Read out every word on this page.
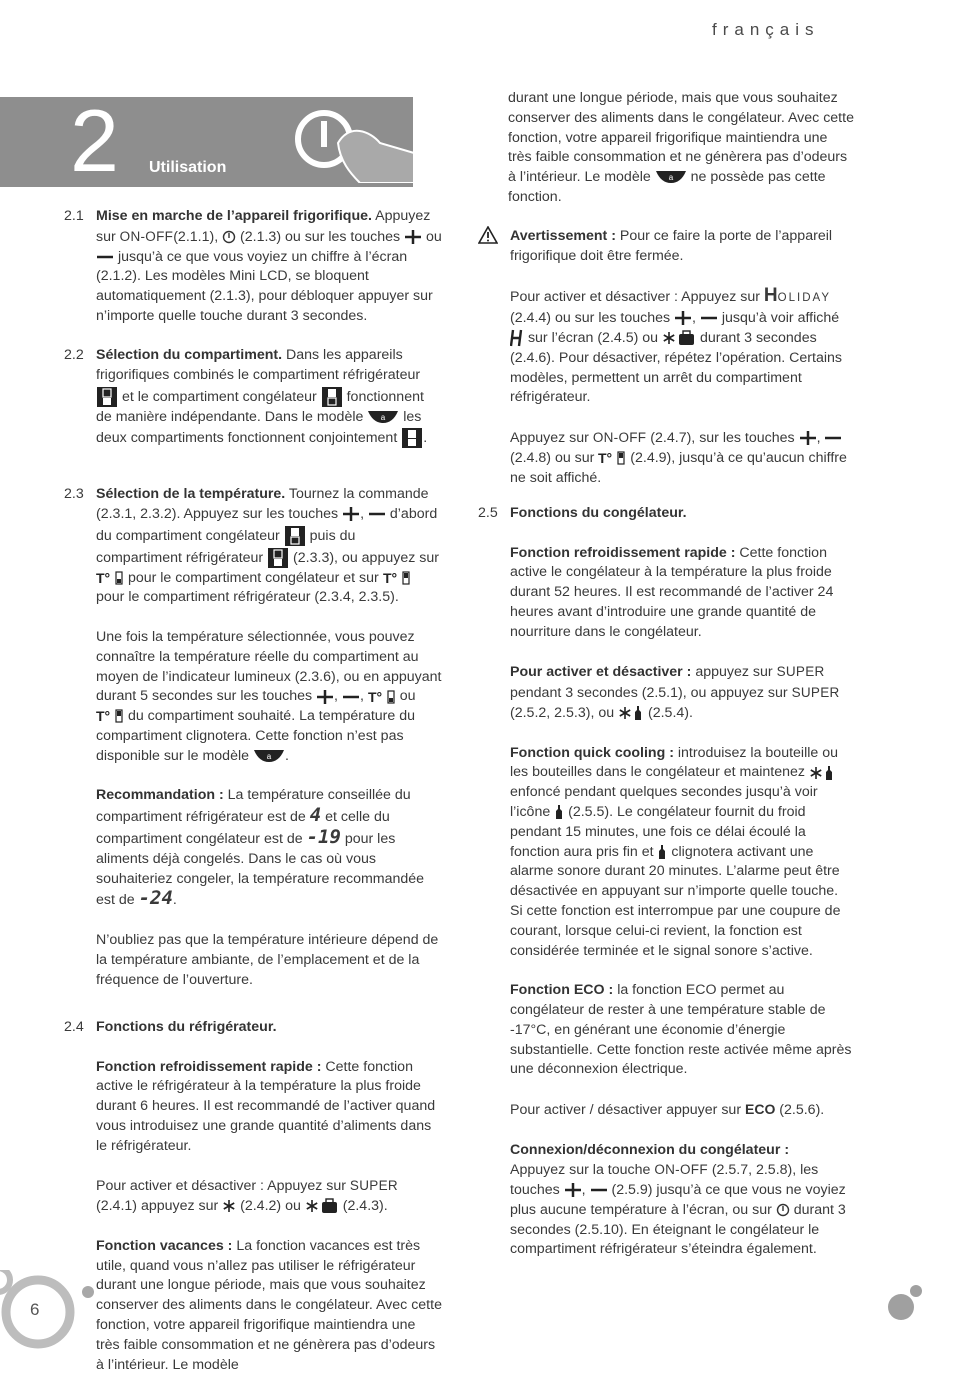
français
2 Utilisation
2.1 Mise en marche de l’appareil frigorifique. Appuyez sur ON-OFF(2.1.1),  (2.1.3) ou sur les touches  ou  jusqu’à ce que vous voyiez un chiffre à l’écran (2.1.2). Les modèles Mini LCD, se bloquent automatiquement (2.1.3), pour débloquer appuyer sur n’importe quelle touche durant 3 secondes.

2.2 Sélection du compartiment. Dans les appareils frigorifiques combinés le compartiment réfrigérateur  et le compartiment congélateur  fonctionnent de manière indépendante. Dans le modèle a les deux compartiments fonctionnent conjointement .

2.3 Sélection de la température. Tournez la commande (2.3.1, 2.3.2). Appuyez sur les touches ,  d’abord du compartiment congélateur  puis du compartiment réfrigérateur  (2.3.3), ou appuyez sur
T° pour le compartiment congélateur et sur T°
pour le compartiment réfrigérateur (2.3.4, 2.3.5).

Une fois la température sélectionnée, vous pouvez connaître la température réelle du compartiment au moyen de l’indicateur lumineux (2.3.6), ou en appuyant durant 5 secondes sur les touches , , T° ou
T° du compartiment souhaité. La température du compartiment clignotera. Cette fonction n’est pas disponible sur le modèle a .

Recommandation : La température conseillée du compartiment réfrigérateur est de 4 et celle du compartiment congélateur est de -19 pour les aliments déjà congelés. Dans le cas où vous souhaiteriez congeler, la température recommandée est de -24.

N’oubliez pas que la température intérieure dépend de la température ambiante, de l’emplacement et de la fréquence de l’ouverture.

2.4 Fonctions du réfrigérateur.

Fonction refroidissement rapide : Cette fonction active le réfrigérateur à la température la plus froide durant 6 heures. Il est recommandé de l’activer quand vous introduisez une grande quantité d’aliments dans le réfrigérateur.

Pour activer et désactiver : Appuyez sur SUPER (2.4.1) appuyez sur  (2.4.2) ou  (2.4.3).

Fonction vacances : La fonction vacances est très utile, quand vous n’allez pas utiliser le réfrigérateur durant une longue période, mais que vous souhaitez conserver des aliments dans le congélateur. Avec cette fonction, votre appareil frigorifique maintiendra une très faible consommation et ne génèrera pas d’odeurs à l’intérieur. Le modèle

durant une longue période, mais que vous souhaitez conserver des aliments dans le congélateur. Avec cette fonction, votre appareil frigorifique maintiendra une très faible consommation et ne génèrera pas d’odeurs à l’intérieur. Le modèle a ne possède pas cette fonction.

Avertissement : Pour ce faire la porte de l’appareil frigorifique doit être fermée.

Pour activer et désactiver : Appuyez sur HOLIDAY (2.4.4) ou sur les touches ,  jusqu’à voir affiché  sur l’écran (2.4.5) ou  durant 3 secondes (2.4.6). Pour désactiver, répétez l’opération. Certains modèles, permettent un arrêt du compartiment réfrigérateur.

Appuyez sur ON-OFF (2.4.7), sur les touches ,  (2.4.8) ou sur T° (2.4.9), jusqu’à ce qu’aucun chiffre ne soit affiché.

2.5 Fonctions du congélateur.

Fonction refroidissement rapide : Cette fonction active le congélateur à la température la plus froide durant 52 heures. Il est recommandé de l’activer 24 heures avant d’introduire une grande quantité de nourriture dans le congélateur.

Pour activer et désactiver : appuyez sur SUPER pendant 3 secondes (2.5.1), ou appuyez sur SUPER (2.5.2, 2.5.3), ou  (2.5.4).

Fonction quick cooling : introduisez la bouteille ou les bouteilles dans le congélateur et maintenez  enfoncé pendant quelques secondes jusqu’à voir l’icône  (2.5.5). Le congélateur fournit du froid pendant 15 minutes, une fois ce délai écoulé la fonction aura pris fin et  clignotera activant une alarme sonore durant 20 minutes. L’alarme peut être désactivée en appuyant sur n’importe quelle touche. Si cette fonction est interrompue par une coupure de courant, lorsque celui-ci revient, la fonction est considérée terminée et le signal sonore s’active.

Fonction ECO : la fonction ECO permet au congélateur de rester à une température stable de -17°C, en générant une économie d’énergie substantielle. Cette fonction reste activée même après une déconnexion électrique.

Pour activer / désactiver appuyer sur ECO (2.5.6).

Connexion/déconnexion du congélateur :
Appuyez sur la touche ON-OFF (2.5.7, 2.5.8), les touches ,  (2.5.9) jusqu’à ce que vous ne voyiez plus aucune température à l’écran, ou sur  durant 3 secondes (2.5.10). En éteignant le congélateur le compartiment réfrigérateur s’éteindra également.

6
